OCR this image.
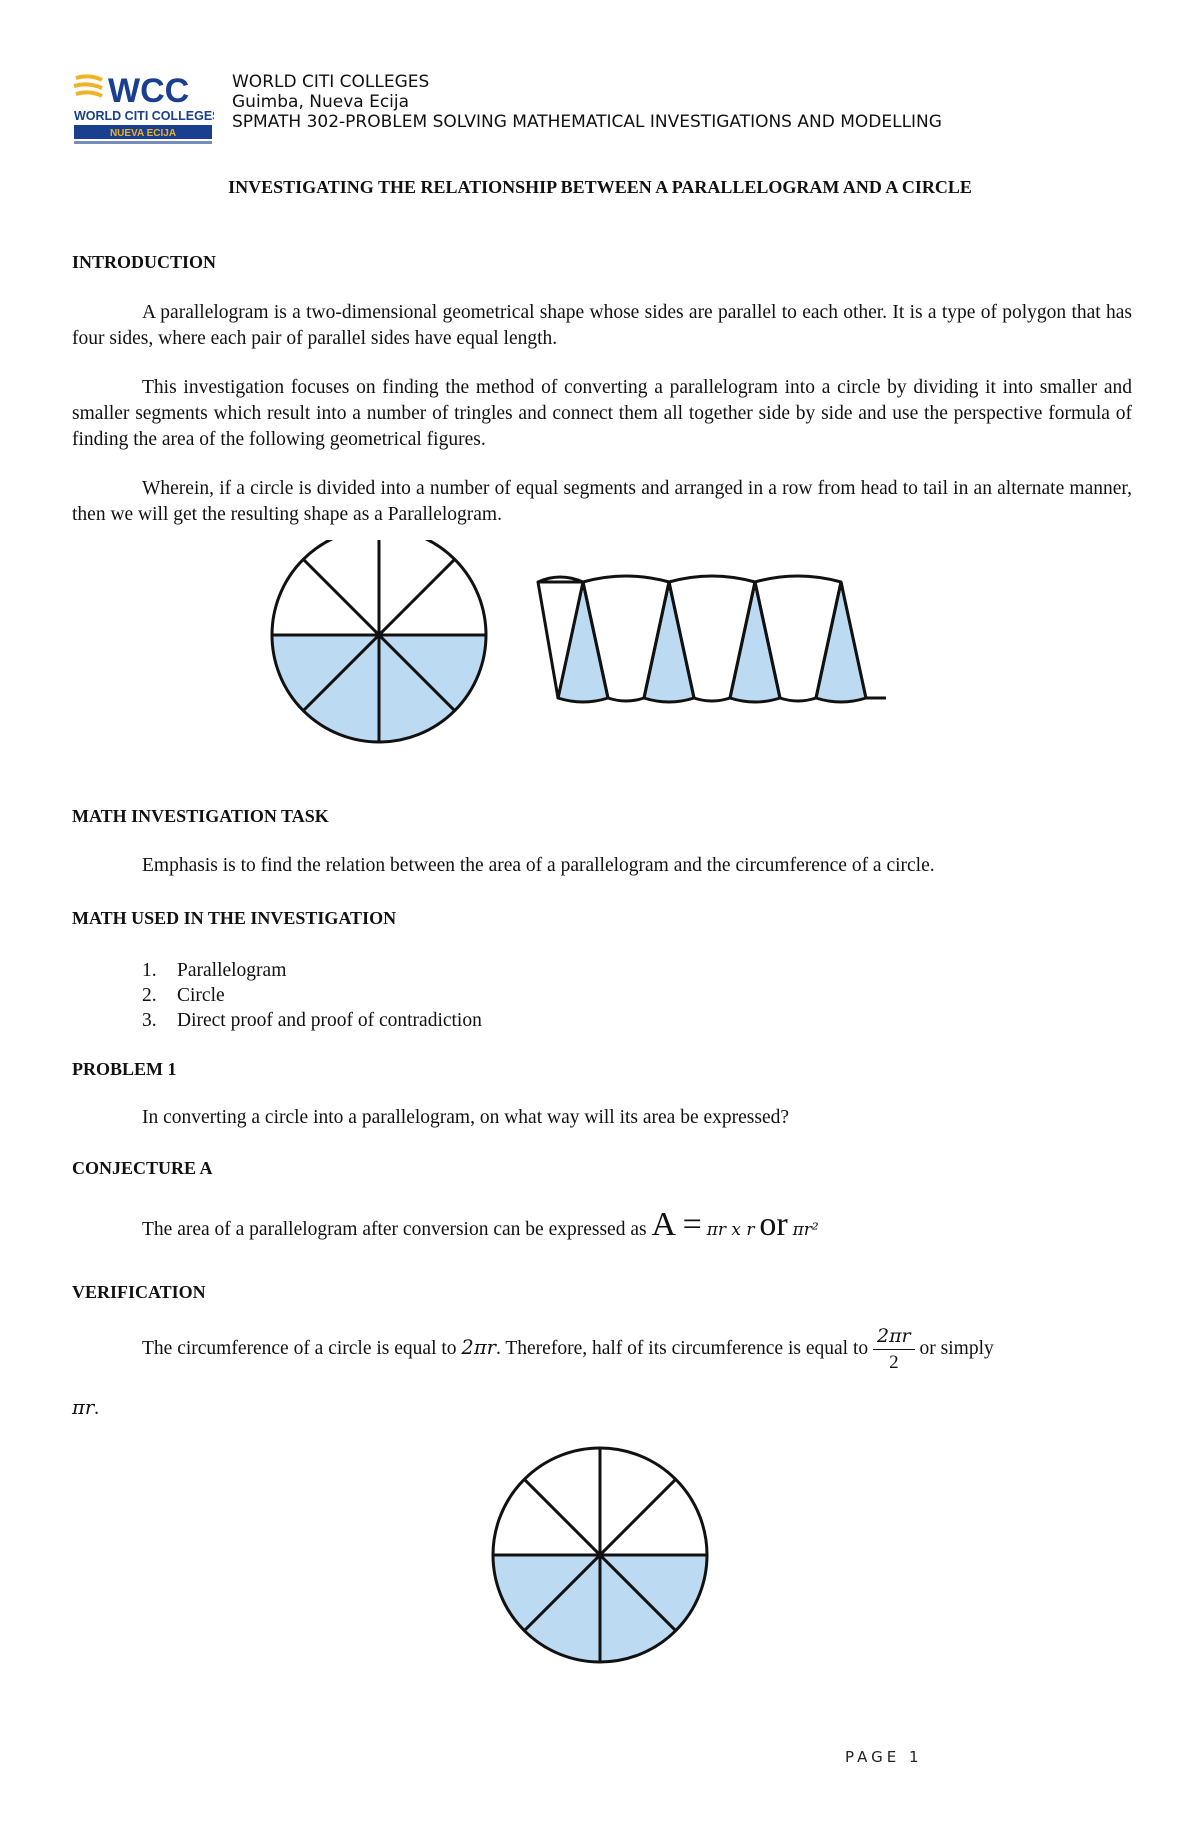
WCC
WORLD CITI COLLEGES
NUEVA ECIJA
WORLD CITI COLLEGES
Guimba, Nueva Ecija
SPMATH 302-PROBLEM SOLVING MATHEMATICAL INVESTIGATIONS AND MODELLING
INVESTIGATING THE RELATIONSHIP BETWEEN A PARALLELOGRAM AND A CIRCLE
INTRODUCTION
A parallelogram is a two-dimensional geometrical shape whose sides are parallel to each other. It is a type of polygon that has four sides, where each pair of parallel sides have equal length.
This investigation focuses on finding the method of converting a parallelogram into a circle by dividing it into smaller and smaller segments which result into a number of tringles and connect them all together side by side and use the perspective formula of finding the area of the following geometrical figures.
Wherein, if a circle is divided into a number of equal segments and arranged in a row from head to tail in an alternate manner, then we will get the resulting shape as a Parallelogram.
MATH INVESTIGATION TASK
Emphasis is to find the relation between the area of a parallelogram and the circumference of a circle.
MATH USED IN THE INVESTIGATION
1.	Parallelogram
2.	Circle
3.	Direct proof and proof of contradiction
PROBLEM 1
In converting a circle into a parallelogram, on what way will its area be expressed?
CONJECTURE A
The area of a parallelogram after conversion can be expressed as A = πr x r or πr²
VERIFICATION
The circumference of a circle is equal to 2πr. Therefore, half of its circumference is equal to $\frac{2\pi r}{2}$ or simply
πr.
PAGE 1
